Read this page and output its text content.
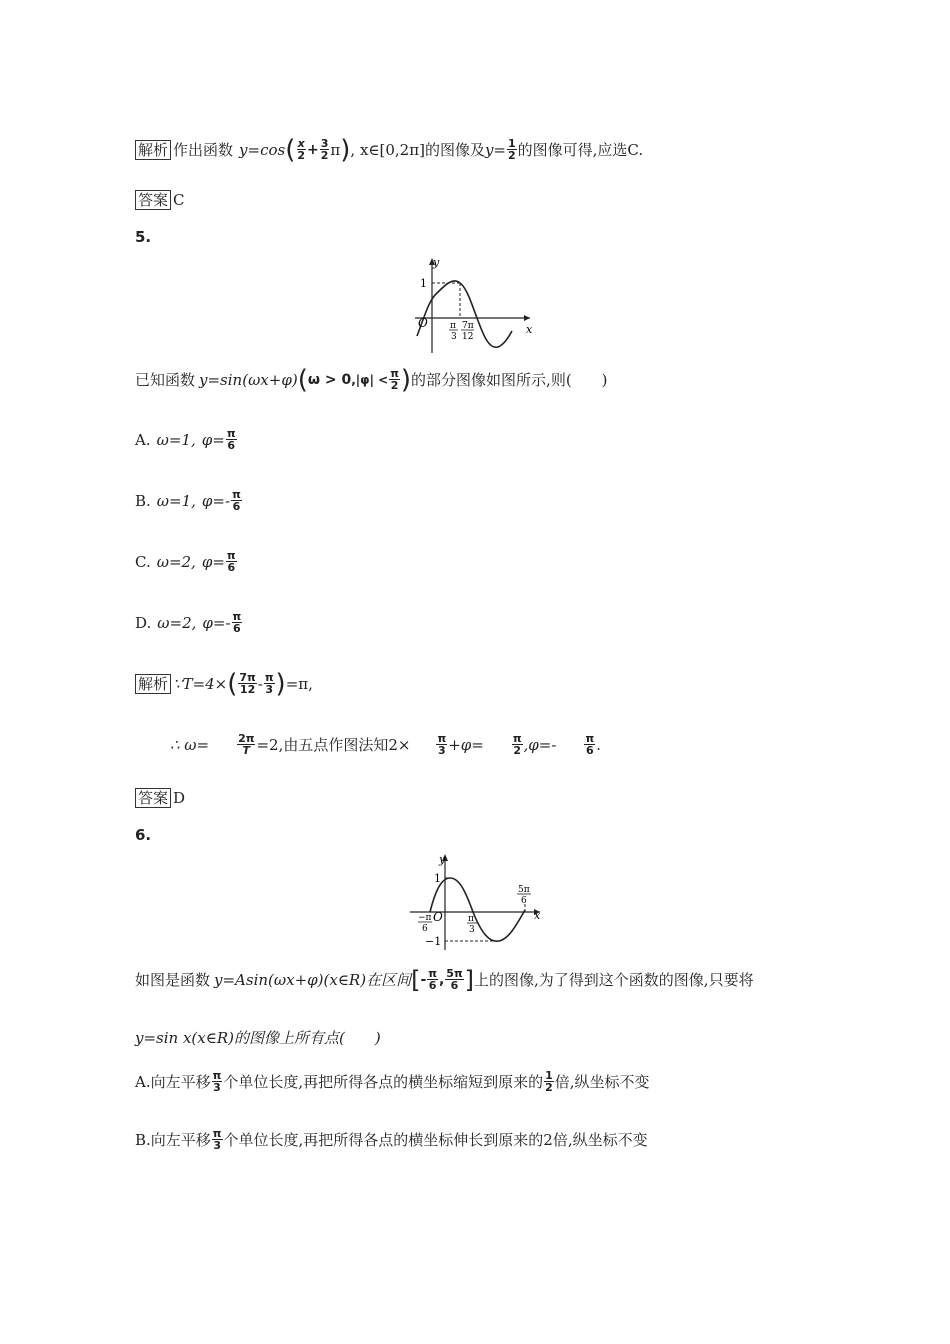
解析 作出函数 y=cos ( $\frac{x}{2} + \frac{3}{2}$ π ) , x∈[0,2π]的图像及 $y= \frac{1}{2}$ 的图像可得,应选C.
答案 C
5.
y
x
O
1
π
3
7π
12
已知函数 y=sin(ωx+φ) ( ω > 0 $,|\varphi| < \frac{\pi}{2}$ ) 的部分图像如图所示,则(　　)
A. ω=1, $\varphi= \frac{\pi}{6}$
B. ω=1, $\varphi=- \frac{\pi}{6}$
C. ω=2, $\varphi= \frac{\pi}{6}$
D. ω=2, $\varphi=- \frac{\pi}{6}$
解析 ∵T=4× ( $\frac{7\pi}{12} - \frac{\pi}{3}$ ) =π,
∴ ω=	$\frac{2\pi}{T} =2$,由五点作图法知$2\times \frac{\pi}{3} +\varphi=$	$\frac{\pi}{2} ,\varphi=-$	$\frac{\pi}{6}$ .
答案 D
6.
y
x
O
1
−1
−π
6
π
3
5π
6
如图是函数 y=Asin(ωx+φ)(x∈R)在区间 [ - $\frac{\pi}{6}$ , $\frac{5\pi}{6}$ ] 上的图像,为了得到这个函数的图像,只要将
y=sin x(x∈R)的图像上所有点(　　)
A.向左平移 $\frac{\pi}{3}$ 个单位长度,再把所得各点的横坐标缩短到原来的 $\frac{1}{2}$ 倍,纵坐标不变
B.向左平移 $\frac{\pi}{3}$ 个单位长度,再把所得各点的横坐标伸长到原来的2倍,纵坐标不变
